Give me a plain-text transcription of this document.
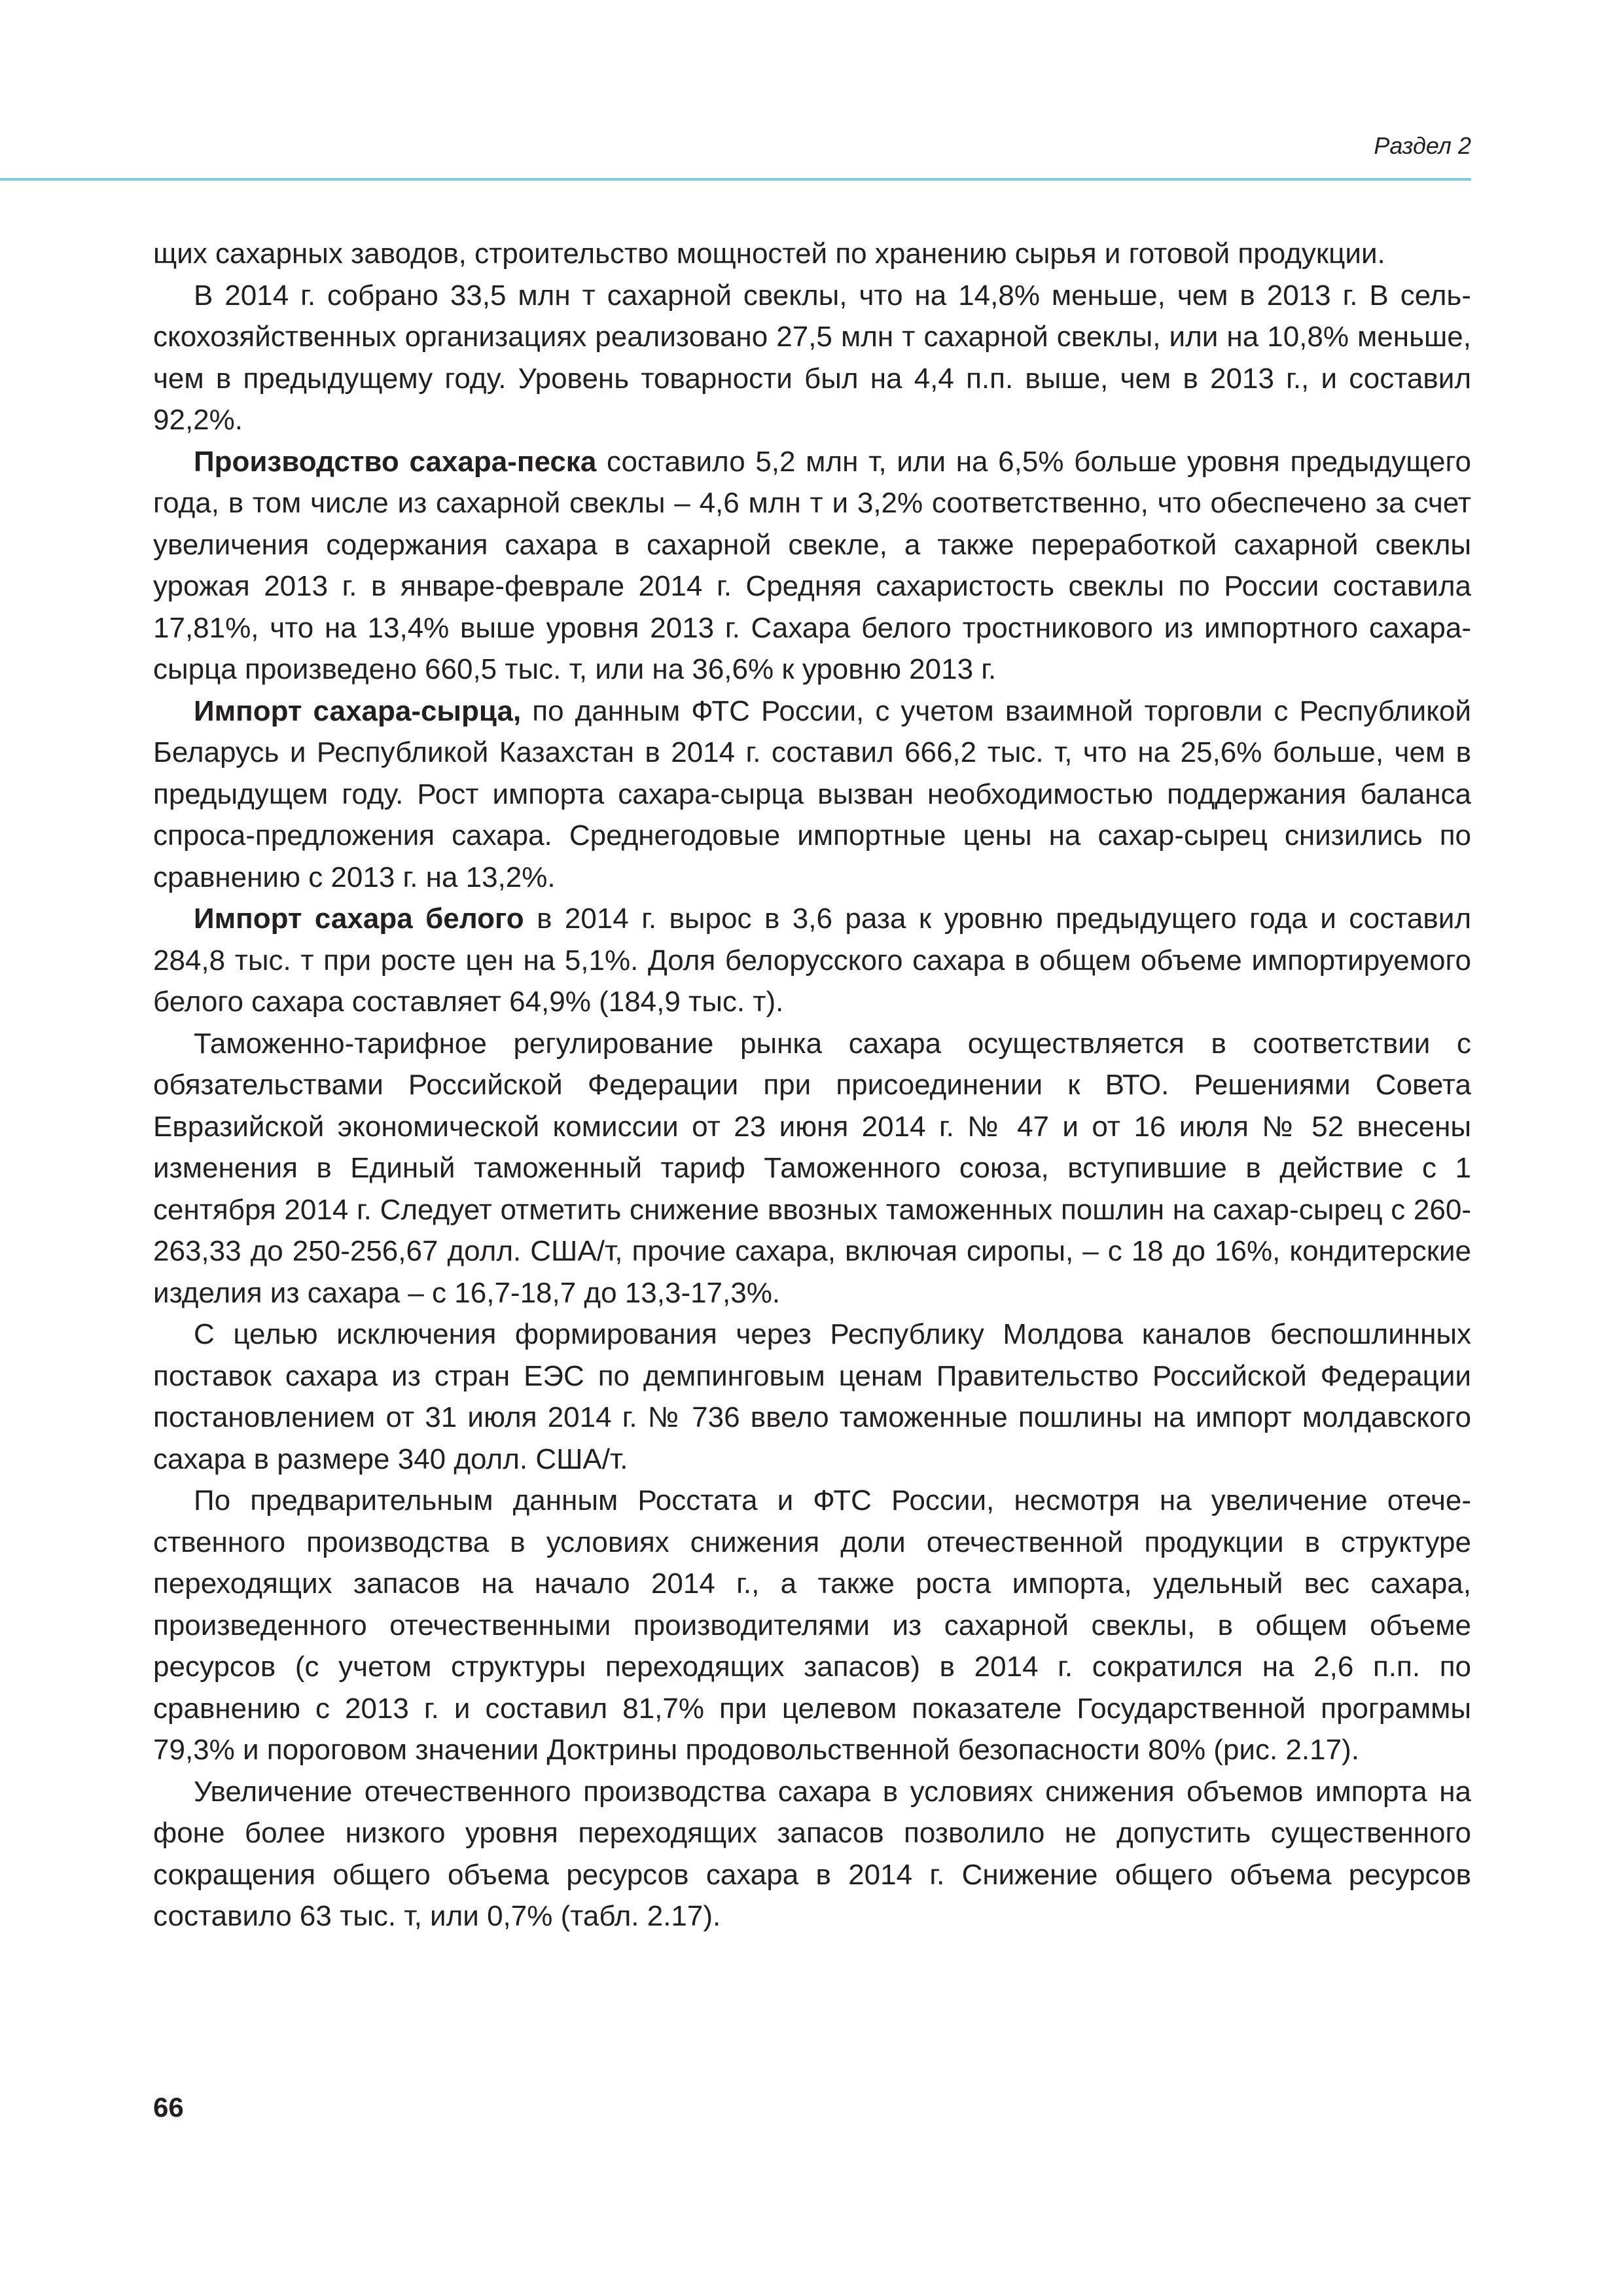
Раздел 2

щих сахарных заводов, строительство мощностей по хранению сырья и готовой продукции.

В 2014 г. собрано 33,5 млн т сахарной свеклы, что на 14,8% меньше, чем в 2013 г. В сельскохозяйственных организациях реализовано 27,5 млн т сахарной свеклы, или на 10,8% меньше, чем в предыдущему году. Уровень товарности был на 4,4 п.п. выше, чем в 2013 г., и составил 92,2%.

Производство сахара-песка составило 5,2 млн т, или на 6,5% больше уровня предыдущего года, в том числе из сахарной свеклы – 4,6 млн т и 3,2% соответственно, что обеспечено за счет увеличения содержания сахара в сахарной свекле, а также переработкой сахарной свеклы урожая 2013 г. в январе-феврале 2014 г. Средняя сахаристость свеклы по России составила 17,81%, что на 13,4% выше уровня 2013 г. Сахара белого тростникового из импортного сахара-сырца произведено 660,5 тыс. т, или на 36,6% к уровню 2013 г.

Импорт сахара-сырца, по данным ФТС России, с учетом взаимной торговли с Республикой Беларусь и Республикой Казахстан в 2014 г. составил 666,2 тыс. т, что на 25,6% больше, чем в предыдущем году. Рост импорта сахара-сырца вызван необходимостью поддержания баланса спроса-предложения сахара. Среднегодовые импортные цены на сахар-сырец снизились по сравнению с 2013 г. на 13,2%.

Импорт сахара белого в 2014 г. вырос в 3,6 раза к уровню предыдущего года и составил 284,8 тыс. т при росте цен на 5,1%. Доля белорусского сахара в общем объеме импортируемого белого сахара составляет 64,9% (184,9 тыс. т).

Таможенно-тарифное регулирование рынка сахара осуществляется в соответствии с обязательствами Российской Федерации при присоединении к ВТО. Решениями Совета Евразийской экономической комиссии от 23 июня 2014 г. № 47 и от 16 июля № 52 внесены изменения в Единый таможенный тариф Таможенного союза, вступившие в действие с 1 сентября 2014 г. Следует отметить снижение ввозных таможенных пошлин на сахар-сырец с 260- 263,33 до 250-256,67 долл. США/т, прочие сахара, включая сиропы, – с 18 до 16%, кондитерские изделия из сахара – с 16,7-18,7 до 13,3-17,3%.

С целью исключения формирования через Республику Молдова каналов беспошлинных поставок сахара из стран ЕЭС по демпинговым ценам Правительство Российской Федерации постановлением от 31 июля 2014 г. № 736 ввело таможенные пошлины на импорт молдавского сахара в размере 340 долл. США/т.

По предварительным данным Росстата и ФТС России, несмотря на увеличение отечественного производства в условиях снижения доли отечественной продукции в структуре переходящих запасов на начало 2014 г., а также роста импорта, удельный вес сахара, произведенного отечественными производителями из сахарной свеклы, в общем объеме ресурсов (с учетом структуры переходящих запасов) в 2014 г. сократился на 2,6 п.п. по сравнению с 2013 г. и составил 81,7% при целевом показателе Государственной программы 79,3% и пороговом значении Доктрины продовольственной безопасности 80% (рис. 2.17).

Увеличение отечественного производства сахара в условиях снижения объемов импорта на фоне более низкого уровня переходящих запасов позволило не допустить существенного сокращения общего объема ресурсов сахара в 2014 г. Снижение общего объема ресурсов составило 63 тыс. т, или 0,7% (табл. 2.17).

66
